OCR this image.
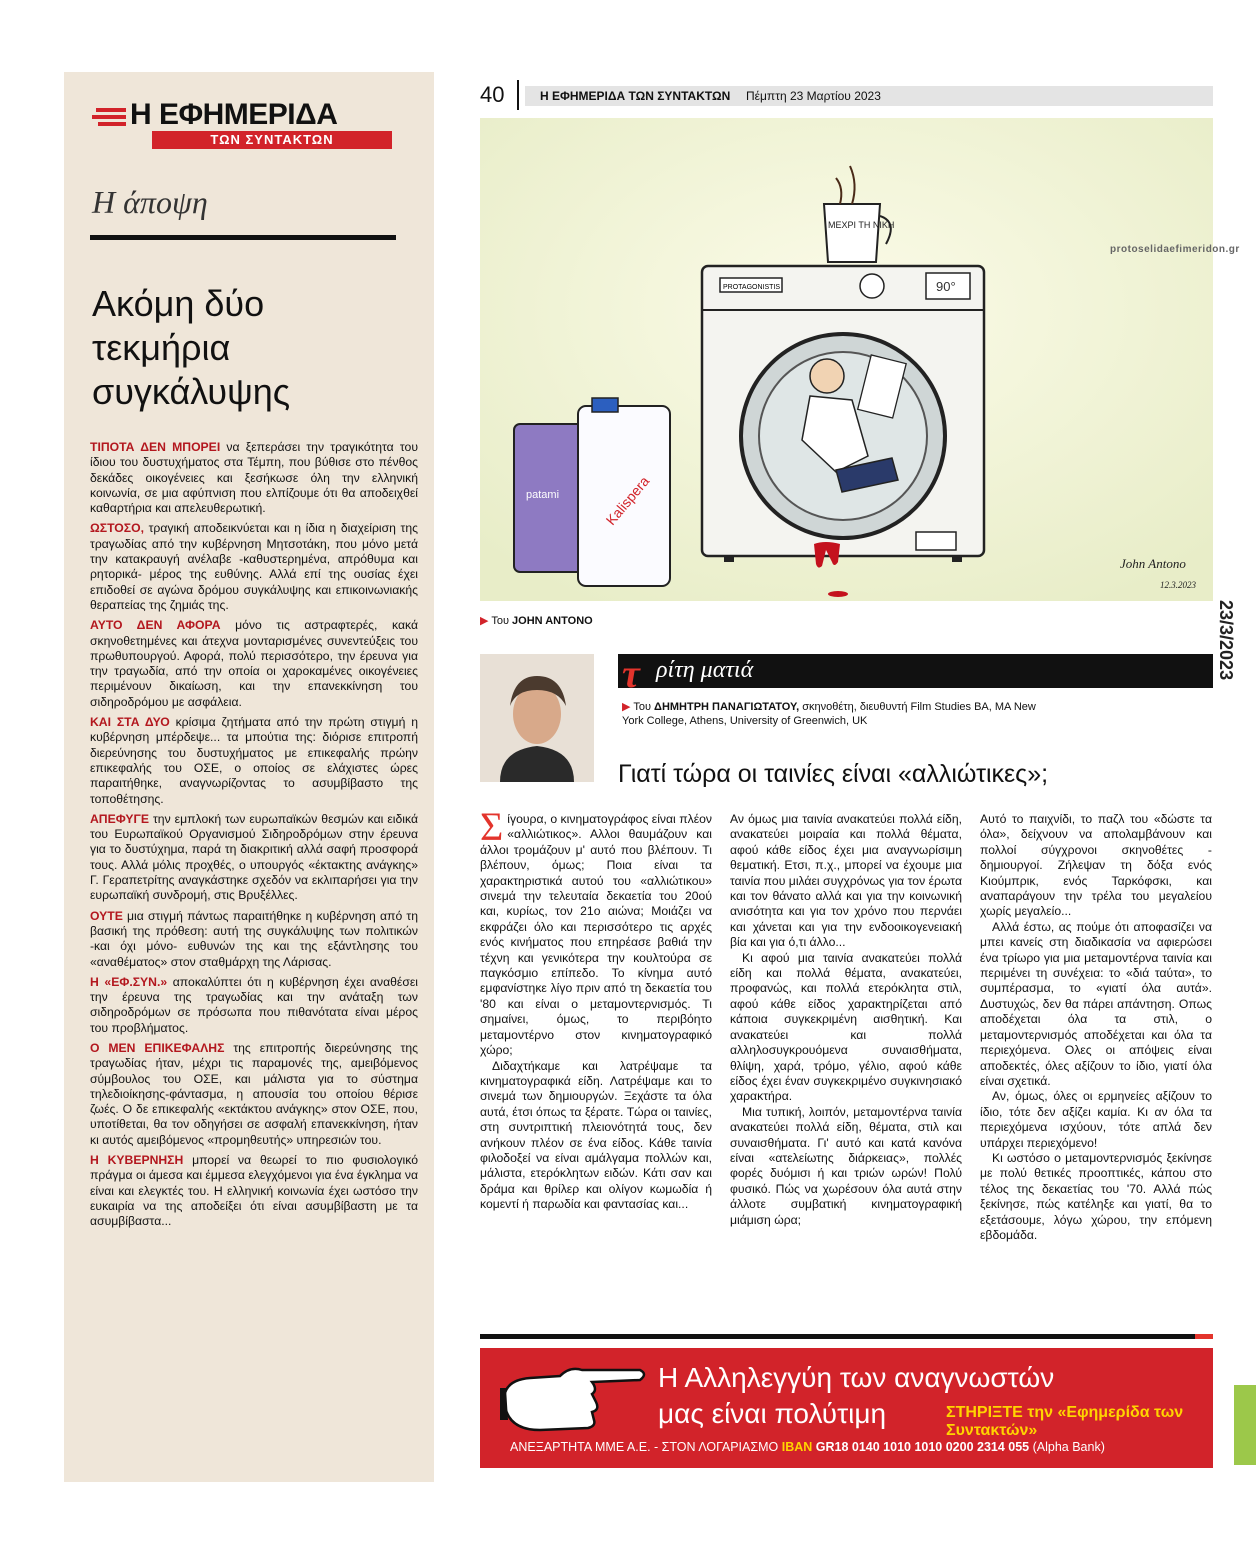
Η ΕΦΗΜΕΡΙΔΑ
ΤΩΝ ΣΥΝΤΑΚΤΩΝ
Η άποψη
Ακόμη δύο
τεκμήρια
συγκάλυψης

ΤΙΠΟΤΑ ΔΕΝ ΜΠΟΡΕΙ να ξεπεράσει την τραγικότητα του ίδιου του δυστυχήματος στα Τέμπη, που βύθισε στο πένθος δεκάδες οικογένειες και ξεσήκωσε όλη την ελληνική κοινωνία, σε μια αφύπνιση που ελπίζουμε ότι θα αποδειχθεί καθαρτήρια και απελευθερωτική.

ΩΣΤΟΣΟ, τραγική αποδεικνύεται και η ίδια η διαχείριση της τραγωδίας από την κυβέρνηση Μητσοτάκη, που μόνο μετά την κατακραυγή ανέλαβε -καθυστερημένα, απρόθυμα και ρητορικά- μέρος της ευθύνης. Αλλά επί της ουσίας έχει επιδοθεί σε αγώνα δρόμου συγκάλυψης και επικοινωνιακής θεραπείας της ζημιάς της.

ΑΥΤΟ ΔΕΝ ΑΦΟΡΑ μόνο τις αστραφτερές, κακά σκηνοθετημένες και άτεχνα μονταρισμένες συνεντεύξεις του πρωθυπουργού. Αφορά, πολύ περισσότερο, την έρευνα για την τραγωδία, από την οποία οι χαροκαμένες οικογένειες περιμένουν δικαίωση, και την επανεκκίνηση του σιδηροδρόμου με ασφάλεια.

ΚΑΙ ΣΤΑ ΔΥΟ κρίσιμα ζητήματα από την πρώτη στιγμή η κυβέρνηση μπέρδεψε... τα μπούτια της: διόρισε επιτροπή διερεύνησης του δυστυχήματος με επικεφαλής πρώην επικεφαλής του ΟΣΕ, ο οποίος σε ελάχιστες ώρες παραιτήθηκε, αναγνωρίζοντας το ασυμβίβαστο της τοποθέτησης.

ΑΠΕΦΥΓΕ την εμπλοκή των ευρωπαϊκών θεσμών και ειδικά του Ευρωπαϊκού Οργανισμού Σιδηροδρόμων στην έρευνα για το δυστύχημα, παρά τη διακριτική αλλά σαφή προσφορά τους. Αλλά μόλις προχθές, ο υπουργός «έκτακτης ανάγκης» Γ. Γεραπετρίτης αναγκάστηκε σχεδόν να εκλιπαρήσει για την ευρωπαϊκή συνδρομή, στις Βρυξέλλες.

ΟΥΤΕ μια στιγμή πάντως παραιτήθηκε η κυβέρνηση από τη βασική της πρόθεση: αυτή της συγκάλυψης των πολιτικών -και όχι μόνο- ευθυνών της και της εξάντλησης του «αναθέματος» στον σταθμάρχη της Λάρισας.

Η «ΕΦ.ΣΥΝ.» αποκαλύπτει ότι η κυβέρνηση έχει αναθέσει την έρευνα της τραγωδίας και την ανάταξη των σιδηροδρόμων σε πρόσωπα που πιθανότατα είναι μέρος του προβλήματος.

Ο ΜΕΝ ΕΠΙΚΕΦΑΛΗΣ της επιτροπής διερεύνησης της τραγωδίας ήταν, μέχρι τις παραμονές της, αμειβόμενος σύμβουλος του ΟΣΕ, και μάλιστα για το σύστημα τηλεδιοίκησης-φάντασμα, η απουσία του οποίου θέρισε ζωές. Ο δε επικεφαλής «εκτάκτου ανάγκης» στον ΟΣΕ, που, υποτίθεται, θα τον οδηγήσει σε ασφαλή επανεκκίνηση, ήταν κι αυτός αμειβόμενος «προμηθευτής» υπηρεσιών του.

Η ΚΥΒΕΡΝΗΣΗ μπορεί να θεωρεί το πιο φυσιολογικό πράγμα οι άμεσα και έμμεσα ελεγχόμενοι για ένα έγκλημα να είναι και ελεγκτές του. Η ελληνική κοινωνία έχει ωστόσο την ευκαιρία να της αποδείξει ότι είναι ασυμβίβαστη με τα ασυμβίβαστα...

40	Η ΕΦΗΜΕΡΙΔΑ ΤΩΝ ΣΥΝΤΑΚΤΩΝ Πέμπτη 23 Μαρτίου 2023
PROTAGONISTIS	90°
ΜΕΧΡΙ ΤΗ ΝΙΚΗ
patami	Kalispera
John Antono
12.3.2023
protoselidaefimeridon.gr
▶ Του JOHN ANTONO
τ ρίτη ματιά
▶ Του ΔΗΜΗΤΡΗ ΠΑΝΑΓΙΩΤΑΤΟΥ, σκηνοθέτη, διευθυντή Film Studies BA, MA New York College, Athens, University of Greenwich, UK
Γιατί τώρα οι ταινίες είναι «αλλιώτικες»;

Σίγουρα, ο κινηματογράφος είναι πλέον «αλλιώτικος». Αλλοι θαυμάζουν και άλλοι τρομάζουν μ' αυτό που βλέπουν. Τι βλέπουν, όμως; Ποια είναι τα χαρακτηριστικά αυτού του «αλλιώτικου» σινεμά την τελευταία δεκαετία του 20ού και, κυρίως, τον 21ο αιώνα; Μοιάζει να εκφράζει όλο και περισσότερο τις αρχές ενός κινήματος που επηρέασε βαθιά την τέχνη και γενικότερα την κουλτούρα σε παγκόσμιο επίπεδο. Το κίνημα αυτό εμφανίστηκε λίγο πριν από τη δεκαετία του '80 και είναι ο μεταμοντερνισμός. Τι σημαίνει, όμως, το περιβόητο μεταμοντέρνο στον κινηματογραφικό χώρο;

Διδαχτήκαμε και λατρέψαμε τα κινηματογραφικά είδη. Λατρέψαμε και το σινεμά των δημιουργών. Ξεχάστε τα όλα αυτά, έτσι όπως τα ξέρατε. Τώρα οι ταινίες, στη συντριπτική πλειονότητά τους, δεν ανήκουν πλέον σε ένα είδος. Κάθε ταινία φιλοδοξεί να είναι αμάλγαμα πολλών και, μάλιστα, ετερόκλητων ειδών. Κάτι σαν και δράμα και θρίλερ και ολίγον κωμωδία ή κομεντί ή παρωδία και φαντασίας και...

Αν όμως μια ταινία ανακατεύει πολλά είδη, ανακατεύει μοιραία και πολλά θέματα, αφού κάθε είδος έχει μια αναγνωρίσιμη θεματική. Ετσι, π.χ., μπορεί να έχουμε μια ταινία που μιλάει συγχρόνως για τον έρωτα και τον θάνατο αλλά και για την κοινωνική ανισότητα και για τον χρόνο που περνάει και χάνεται και για την ενδοοικογενειακή βία και για ό,τι άλλο...

Κι αφού μια ταινία ανακατεύει πολλά είδη και πολλά θέματα, ανακατεύει, προφανώς, και πολλά ετερόκλητα στιλ, αφού κάθε είδος χαρακτηρίζεται από κάποια συγκεκριμένη αισθητική. Και ανακατεύει και πολλά αλληλοσυγκρουόμενα συναισθήματα, θλίψη, χαρά, τρόμο, γέλιο, αφού κάθε είδος έχει έναν συγκεκριμένο συγκινησιακό χαρακτήρα.

Μια τυπική, λοιπόν, μεταμοντέρνα ταινία ανακατεύει πολλά είδη, θέματα, στιλ και συναισθήματα. Γι' αυτό και κατά κανόνα είναι «ατελείωτης διάρκειας», πολλές φορές δυόμισι ή και τριών ωρών! Πολύ φυσικό. Πώς να χωρέσουν όλα αυτά στην άλλοτε συμβατική κινηματογραφική μιάμιση ώρα;

Αυτό το παιχνίδι, το παζλ του «δώστε τα όλα», δείχνουν να απολαμβάνουν και πολλοί σύγχρονοι σκηνοθέτες - δημιουργοί. Ζήλεψαν τη δόξα ενός Κιούμπρικ, ενός Ταρκόφσκι, και αναπαράγουν την τρέλα του μεγαλείου χωρίς μεγαλείο...

Αλλά έστω, ας πούμε ότι αποφασίζει να μπει κανείς στη διαδικασία να αφιερώσει ένα τρίωρο για μια μεταμοντέρνα ταινία και περιμένει τη συνέχεια: το «διά ταύτα», το συμπέρασμα, το «γιατί όλα αυτά». Δυστυχώς, δεν θα πάρει απάντηση. Οπως αποδέχεται όλα τα στιλ, ο μεταμοντερνισμός αποδέχεται και όλα τα περιεχόμενα. Ολες οι απόψεις είναι αποδεκτές, όλες αξίζουν το ίδιο, γιατί όλα είναι σχετικά.

Αν, όμως, όλες οι ερμηνείες αξίζουν το ίδιο, τότε δεν αξίζει καμία. Κι αν όλα τα περιεχόμενα ισχύουν, τότε απλά δεν υπάρχει περιεχόμενο!

Κι ωστόσο ο μεταμοντερνισμός ξεκίνησε με πολύ θετικές προοπτικές, κάπου στο τέλος της δεκαετίας του '70. Αλλά πώς ξεκίνησε, πώς κατέληξε και γιατί, θα το εξετάσουμε, λόγω χώρου, την επόμενη εβδομάδα.

Η Αλληλεγγύη των αναγνωστών
μας είναι πολύτιμη	ΣΤΗΡΙΞΤΕ την «Εφημερίδα των Συντακτών»
ΑΝΕΞΑΡΤΗΤΑ ΜΜΕ Α.Ε. - ΣΤΟΝ ΛΟΓΑΡΙΑΣΜΟ IBAN GR18 0140 1010 1010 0200 2314 055 (Alpha Bank)
23/3/2023
